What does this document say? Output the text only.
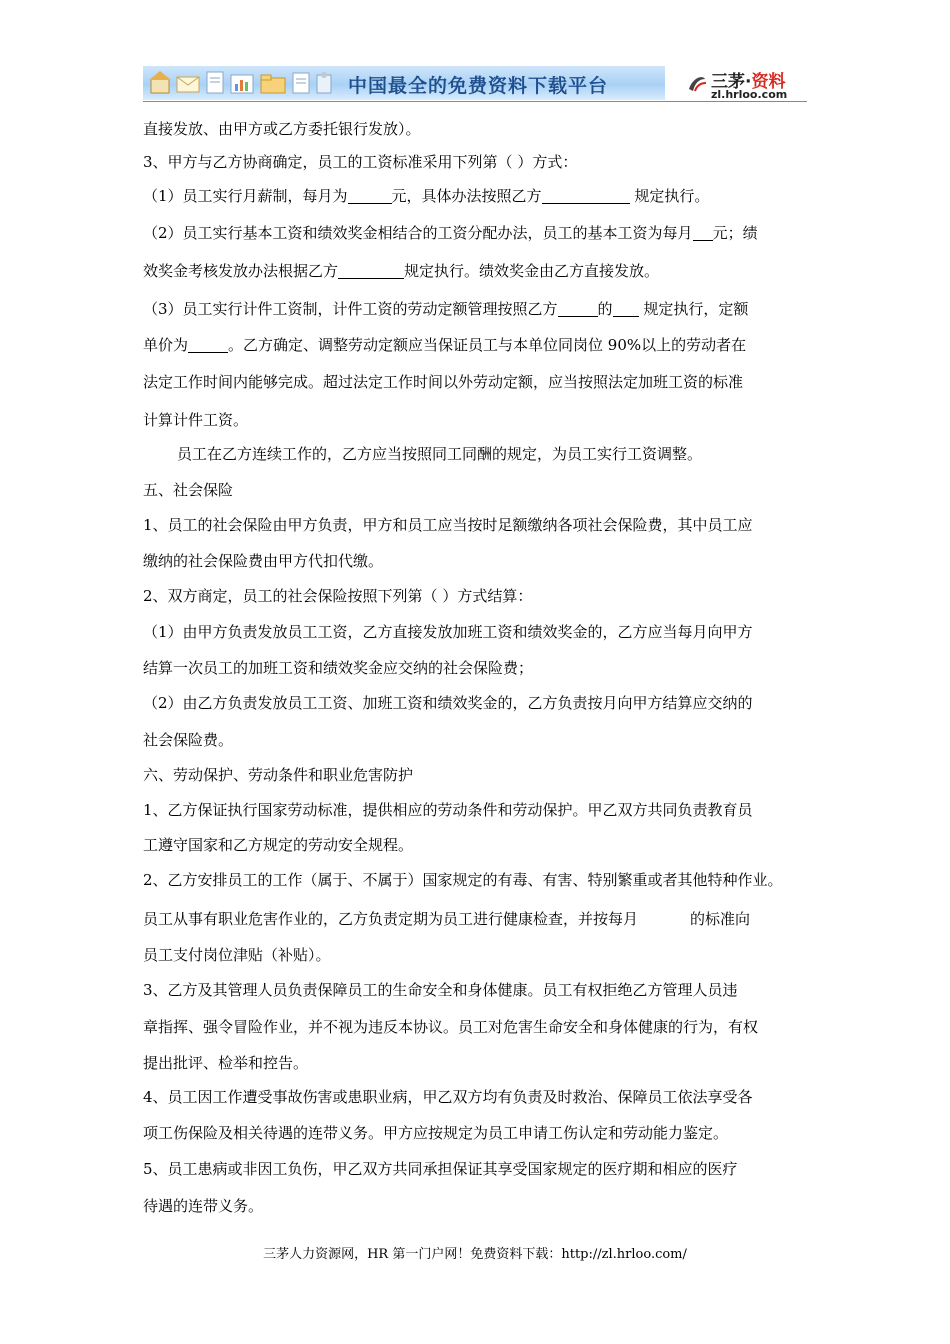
中国最全的免费资料下载平台	三茅·资料
zl.hrloo.com
直接发放、由甲方或乙方委托银行发放）。
3、甲方与乙方协商确定，员工的工资标准采用下列第（ ）方式：
（1）员工实行月薪制，每月为	元，具体办法按照乙方	规定执行。
（2）员工实行基本工资和绩效奖金相结合的工资分配办法，员工的基本工资为每月 元；绩
效奖金考核发放办法根据乙方	规定执行。绩效奖金由乙方直接发放。
（3）员工实行计件工资制，计件工资的劳动定额管理按照乙方	的 规定执行，定额
单价为	。乙方确定、调整劳动定额应当保证员工与本单位同岗位 90%以上的劳动者在
法定工作时间内能够完成。超过法定工作时间以外劳动定额，应当按照法定加班工资的标准
计算计件工资。
员工在乙方连续工作的，乙方应当按照同工同酬的规定，为员工实行工资调整。
五、社会保险
1、员工的社会保险由甲方负责，甲方和员工应当按时足额缴纳各项社会保险费，其中员工应
缴纳的社会保险费由甲方代扣代缴。
2、双方商定，员工的社会保险按照下列第（ ）方式结算：
（1）由甲方负责发放员工工资，乙方直接发放加班工资和绩效奖金的，乙方应当每月向甲方
结算一次员工的加班工资和绩效奖金应交纳的社会保险费；
（2）由乙方负责发放员工工资、加班工资和绩效奖金的，乙方负责按月向甲方结算应交纳的
社会保险费。
六、劳动保护、劳动条件和职业危害防护
1、乙方保证执行国家劳动标准，提供相应的劳动条件和劳动保护。甲乙双方共同负责教育员
工遵守国家和乙方规定的劳动安全规程。
2、乙方安排员工的工作（属于、不属于）国家规定的有毒、有害、特别繁重或者其他特种作业。
员工从事有职业危害作业的，乙方负责定期为员工进行健康检查，并按每月	的标准向
员工支付岗位津贴（补贴）。
3、乙方及其管理人员负责保障员工的生命安全和身体健康。员工有权拒绝乙方管理人员违
章指挥、强令冒险作业，并不视为违反本协议。员工对危害生命安全和身体健康的行为，有权
提出批评、检举和控告。
4、员工因工作遭受事故伤害或患职业病，甲乙双方均有负责及时救治、保障员工依法享受各
项工伤保险及相关待遇的连带义务。甲方应按规定为员工申请工伤认定和劳动能力鉴定。
5、员工患病或非因工负伤，甲乙双方共同承担保证其享受国家规定的医疗期和相应的医疗
待遇的连带义务。
三茅人力资源网，HR 第一门户网！免费资料下载：http://zl.hrloo.com/
